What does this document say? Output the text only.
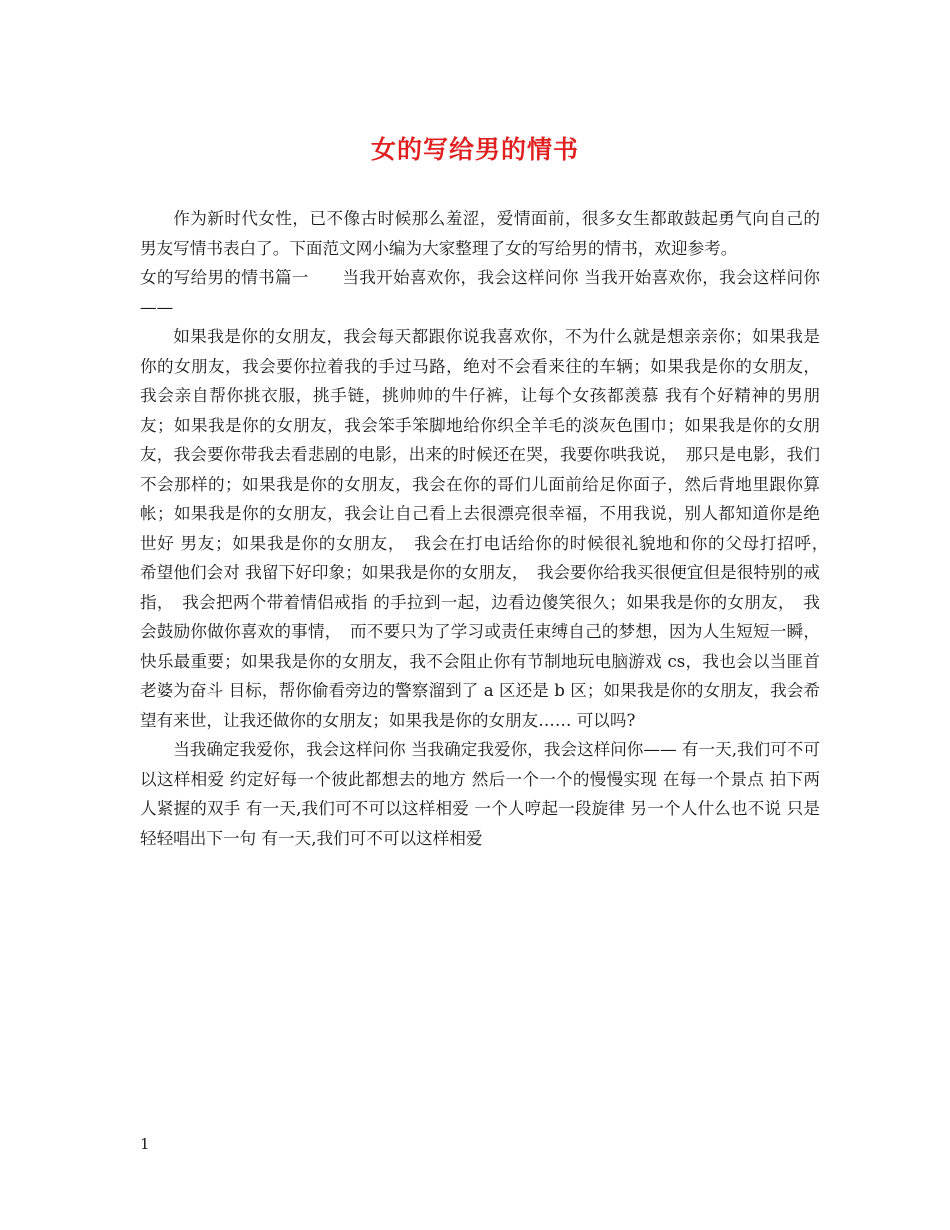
女的写给男的情书

作为新时代女性，已不像古时候那么羞涩，爱情面前，很多女生都敢鼓起勇气向自己的男友写情书表白了。下面范文网小编为大家整理了女的写给男的情书，欢迎参考。

女的写给男的情书篇一　　当我开始喜欢你，我会这样问你 当我开始喜欢你，我会这样问你——

如果我是你的女朋友，我会每天都跟你说我喜欢你，不为什么就是想亲亲你；如果我是你的女朋友，我会要你拉着我的手过马路，绝对不会看来往的车辆；如果我是你的女朋友，我会亲自帮你挑衣服，挑手链，挑帅帅的牛仔裤，让每个女孩都羡慕 我有个好精神的男朋友；如果我是你的女朋友，我会笨手笨脚地给你织全羊毛的淡灰色围巾；如果我是你的女朋友，我会要你带我去看悲剧的电影，出来的时候还在哭，我要你哄我说，　那只是电影，我们不会那样的；如果我是你的女朋友，我会在你的哥们儿面前给足你面子，然后背地里跟你算帐；如果我是你的女朋友，我会让自己看上去很漂亮很幸福，不用我说，别人都知道你是绝世好 男友；如果我是你的女朋友，　我会在打电话给你的时候很礼貌地和你的父母打招呼，　希望他们会对 我留下好印象；如果我是你的女朋友，　我会要你给我买很便宜但是很特别的戒指，　我会把两个带着情侣戒指 的手拉到一起，边看边傻笑很久；如果我是你的女朋友，　我会鼓励你做你喜欢的事情，　而不要只为了学习或责任束缚自己的梦想，因为人生短短一瞬，快乐最重要；如果我是你的女朋友，我不会阻止你有节制地玩电脑游戏 cs，我也会以当匪首老婆为奋斗 目标，帮你偷看旁边的警察溜到了 a 区还是 b 区；如果我是你的女朋友，我会希望有来世，让我还做你的女朋友；如果我是你的女朋友…… 可以吗?

当我确定我爱你，我会这样问你 当我确定我爱你，我会这样问你—— 有一天,我们可不可以这样相爱 约定好每一个彼此都想去的地方 然后一个一个的慢慢实现 在每一个景点 拍下两人紧握的双手 有一天,我们可不可以这样相爱 一个人哼起一段旋律 另一个人什么也不说 只是轻轻唱出下一句 有一天,我们可不可以这样相爱

1
